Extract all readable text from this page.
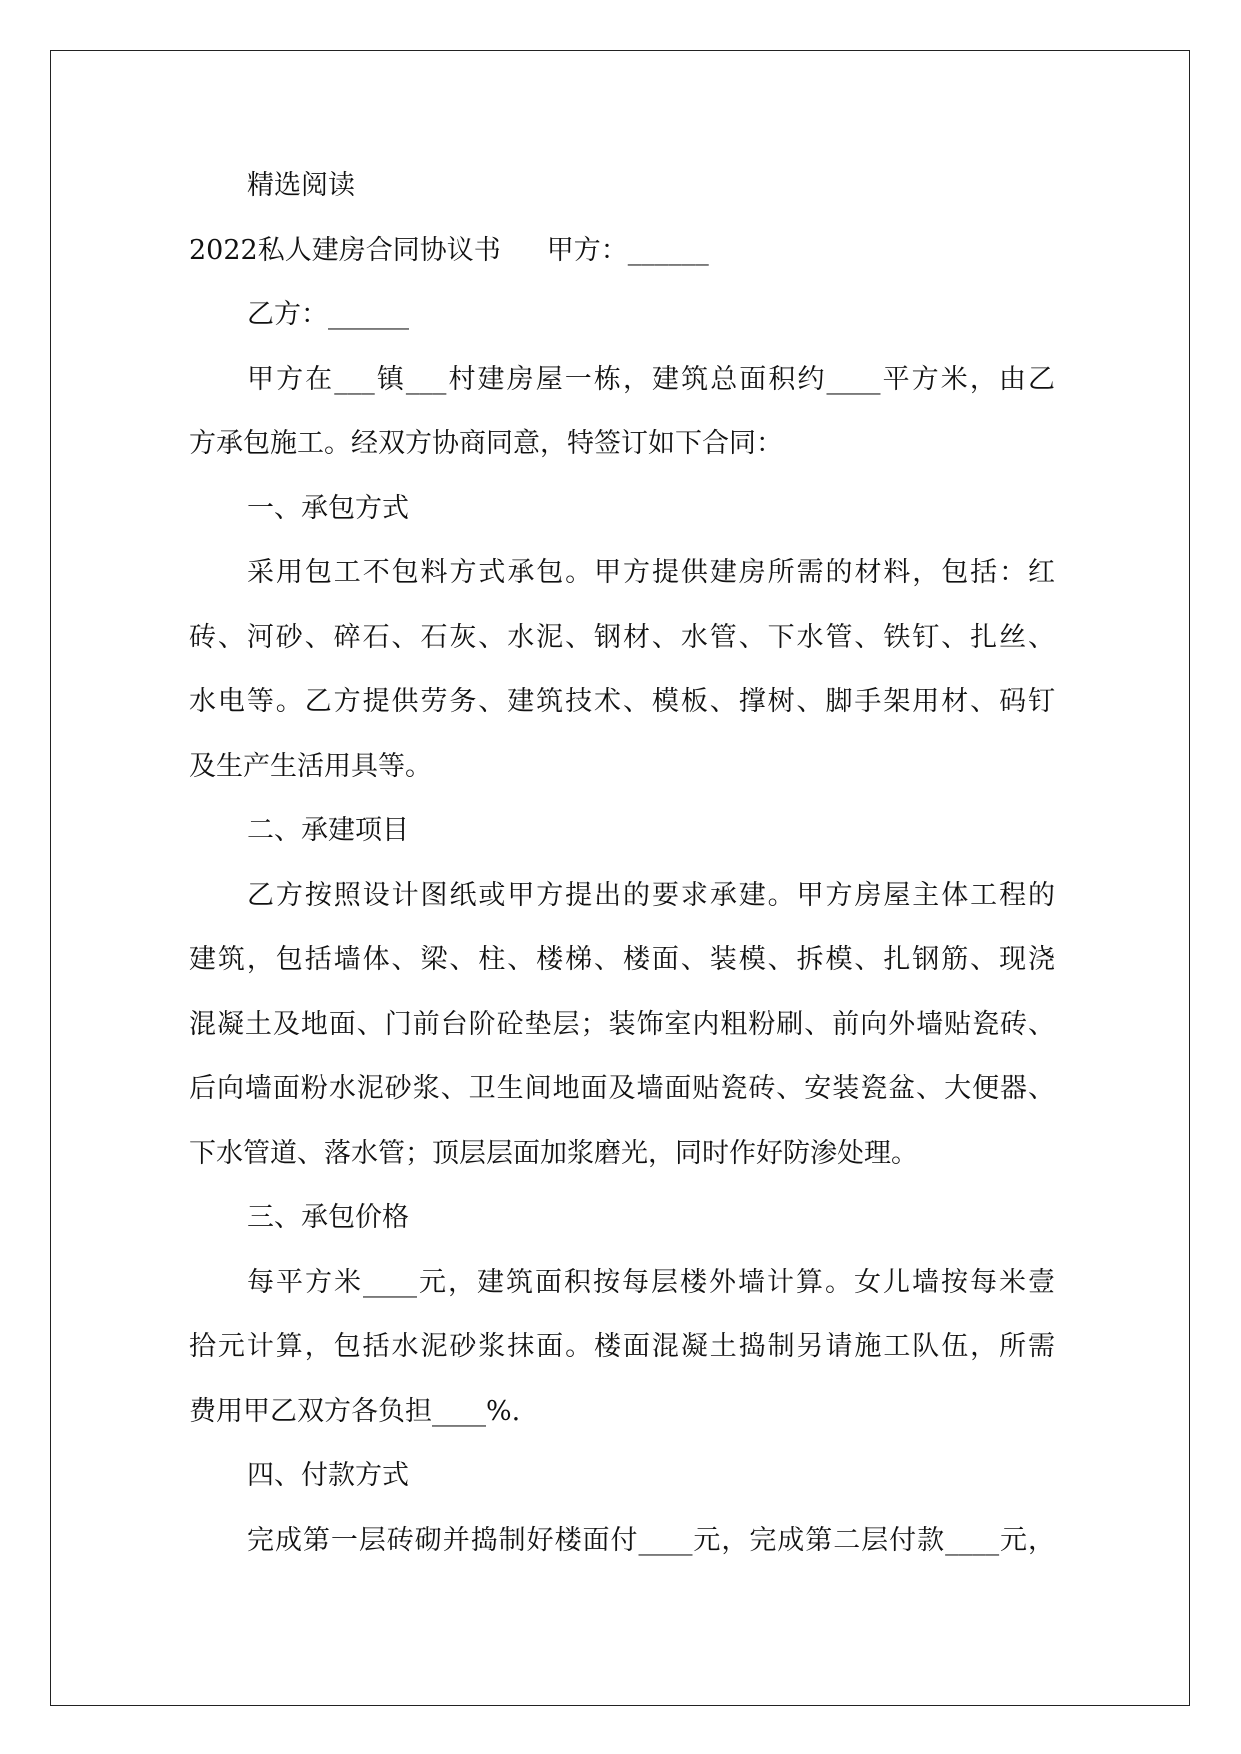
精选阅读
2022私人建房合同协议书 甲方：______
乙方：______
甲方在___镇___村建房屋一栋，建筑总面积约____平方米，由乙
方承包施工。经双方协商同意，特签订如下合同：
一、承包方式
采用包工不包料方式承包。甲方提供建房所需的材料，包括：红
砖、河砂、碎石、石灰、水泥、钢材、水管、下水管、铁钉、扎丝、
水电等。乙方提供劳务、建筑技术、模板、撑树、脚手架用材、码钉
及生产生活用具等。
二、承建项目
乙方按照设计图纸或甲方提出的要求承建。甲方房屋主体工程的
建筑，包括墙体、梁、柱、楼梯、楼面、装模、拆模、扎钢筋、现浇
混凝土及地面、门前台阶砼垫层；装饰室内粗粉刷、前向外墙贴瓷砖、
后向墙面粉水泥砂浆、卫生间地面及墙面贴瓷砖、安装瓷盆、大便器、
下水管道、落水管；顶层层面加浆磨光，同时作好防渗处理。
三、承包价格
每平方米____元，建筑面积按每层楼外墙计算。女儿墙按每米壹
拾元计算，包括水泥砂浆抹面。楼面混凝土捣制另请施工队伍，所需
费用甲乙双方各负担____%.
四、付款方式
完成第一层砖砌并捣制好楼面付____元，完成第二层付款____元，
